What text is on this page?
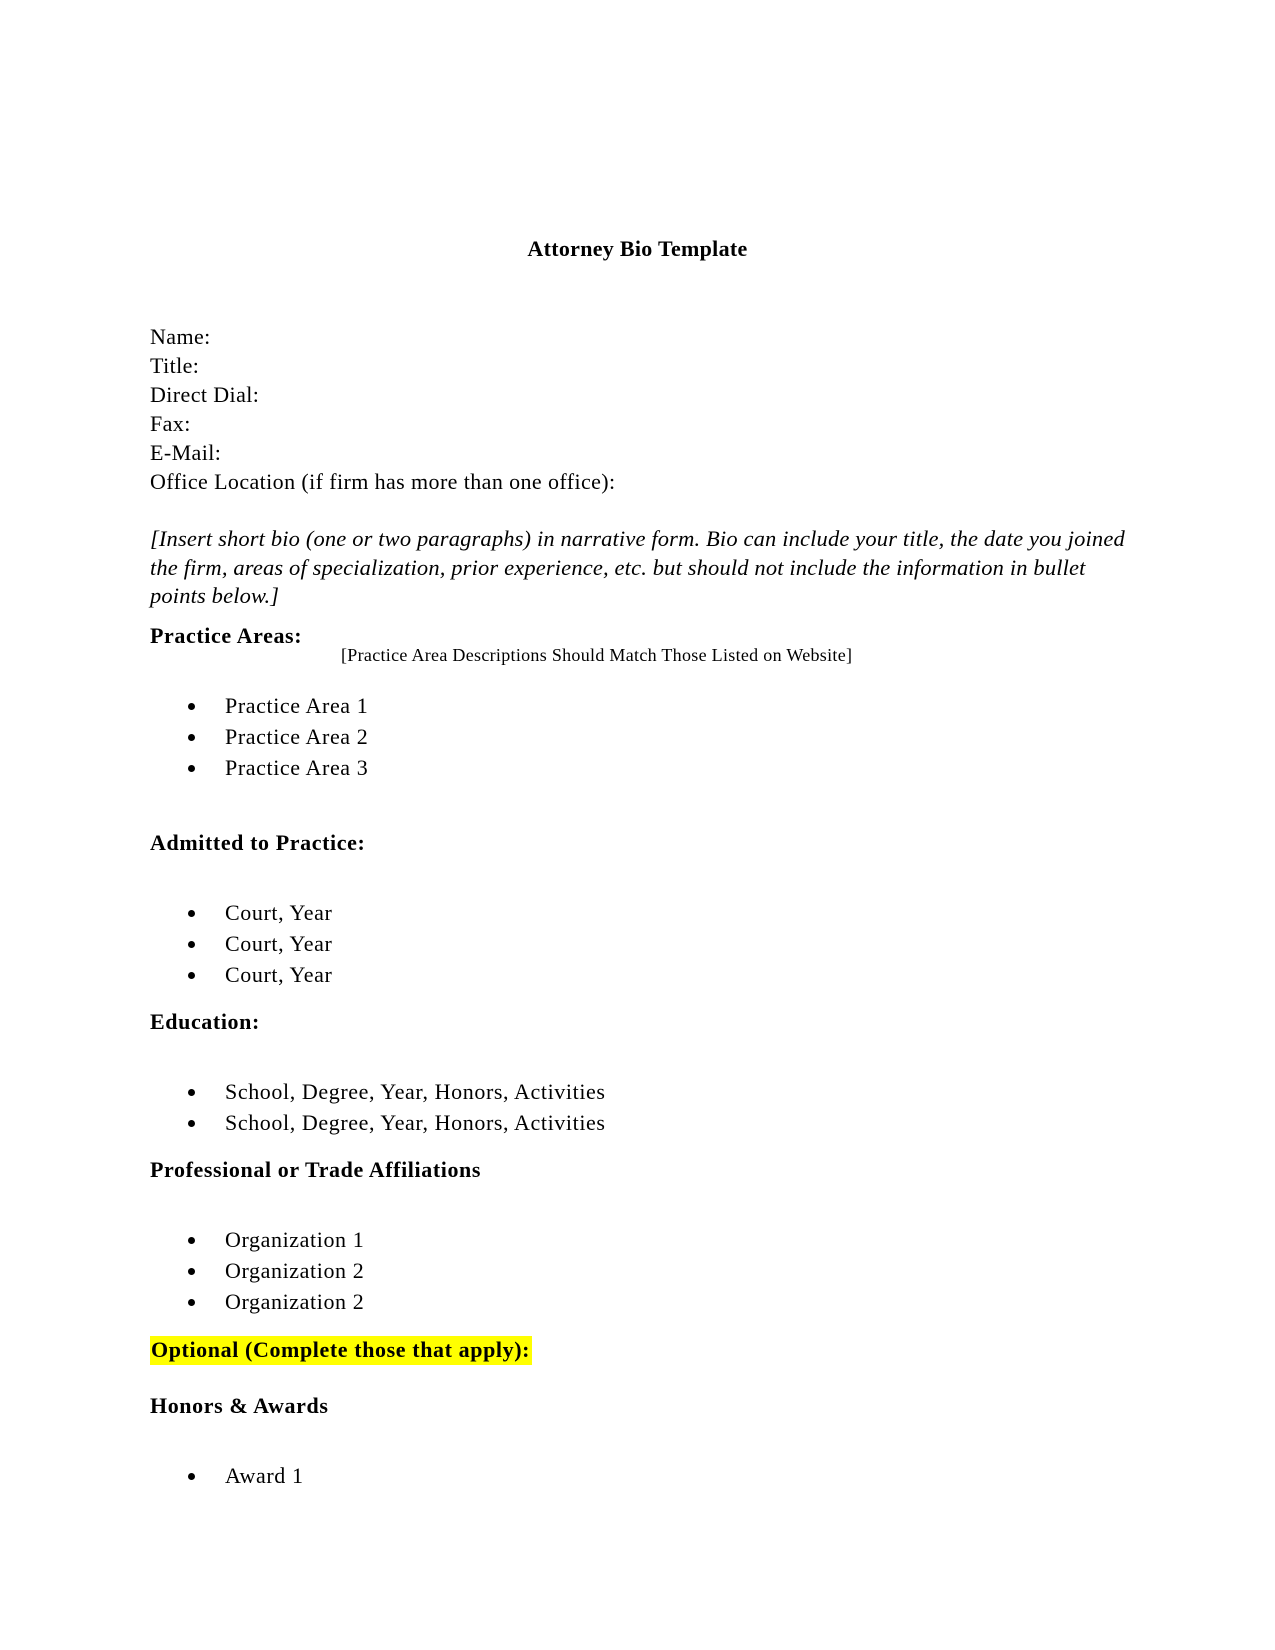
Attorney Bio Template
Name:
Title:
Direct Dial:
Fax:
E-Mail:
Office Location (if firm has more than one office):

[Insert short bio (one or two paragraphs) in narrative form. Bio can include your title, the date you joined the firm, areas of specialization, prior experience, etc. but should not include the information in bullet points below.]

Practice Areas:
[Practice Area Descriptions Should Match Those Listed on Website]
Practice Area 1
Practice Area 2
Practice Area 3
Admitted to Practice:
Court, Year
Court, Year
Court, Year
Education:
School, Degree, Year, Honors, Activities
School, Degree, Year, Honors, Activities
Professional or Trade Affiliations
Organization 1
Organization 2
Organization 2
Optional (Complete those that apply):
Honors & Awards
Award 1
